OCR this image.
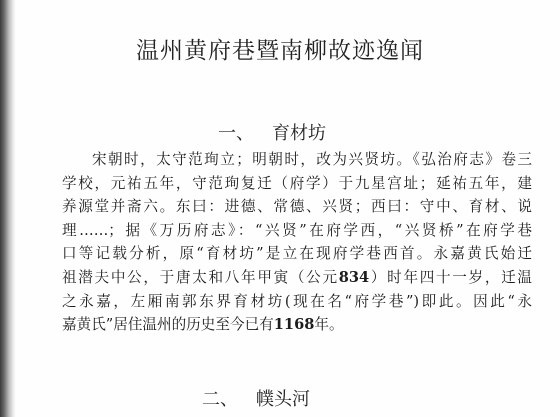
温州黄府巷暨南柳故迹逸闻
一、 育材坊
宋朝时，太守范珣立；明朝时，改为兴贤坊。《弘治府志》卷三
学校，元祐五年，守范珣复迁（府学）于九星宫址；延祐五年，建
养源堂并斋六。东曰：进德、常德、兴贤；西曰：守中、育材、说
理……；据《万历府志》：“兴贤”在府学西，“兴贤桥”在府学巷
口等记载分析，原“育材坊”是立在现府学巷西首。永嘉黄氏始迁
祖潜夫中公，于唐太和八年甲寅（公元834）时年四十一岁，迁温
之永嘉，左厢南郭东界育材坊(现在名“府学巷”)即此。因此“永
嘉黄氏”居住温州的历史至今已有1168年。
二、 幞头河
